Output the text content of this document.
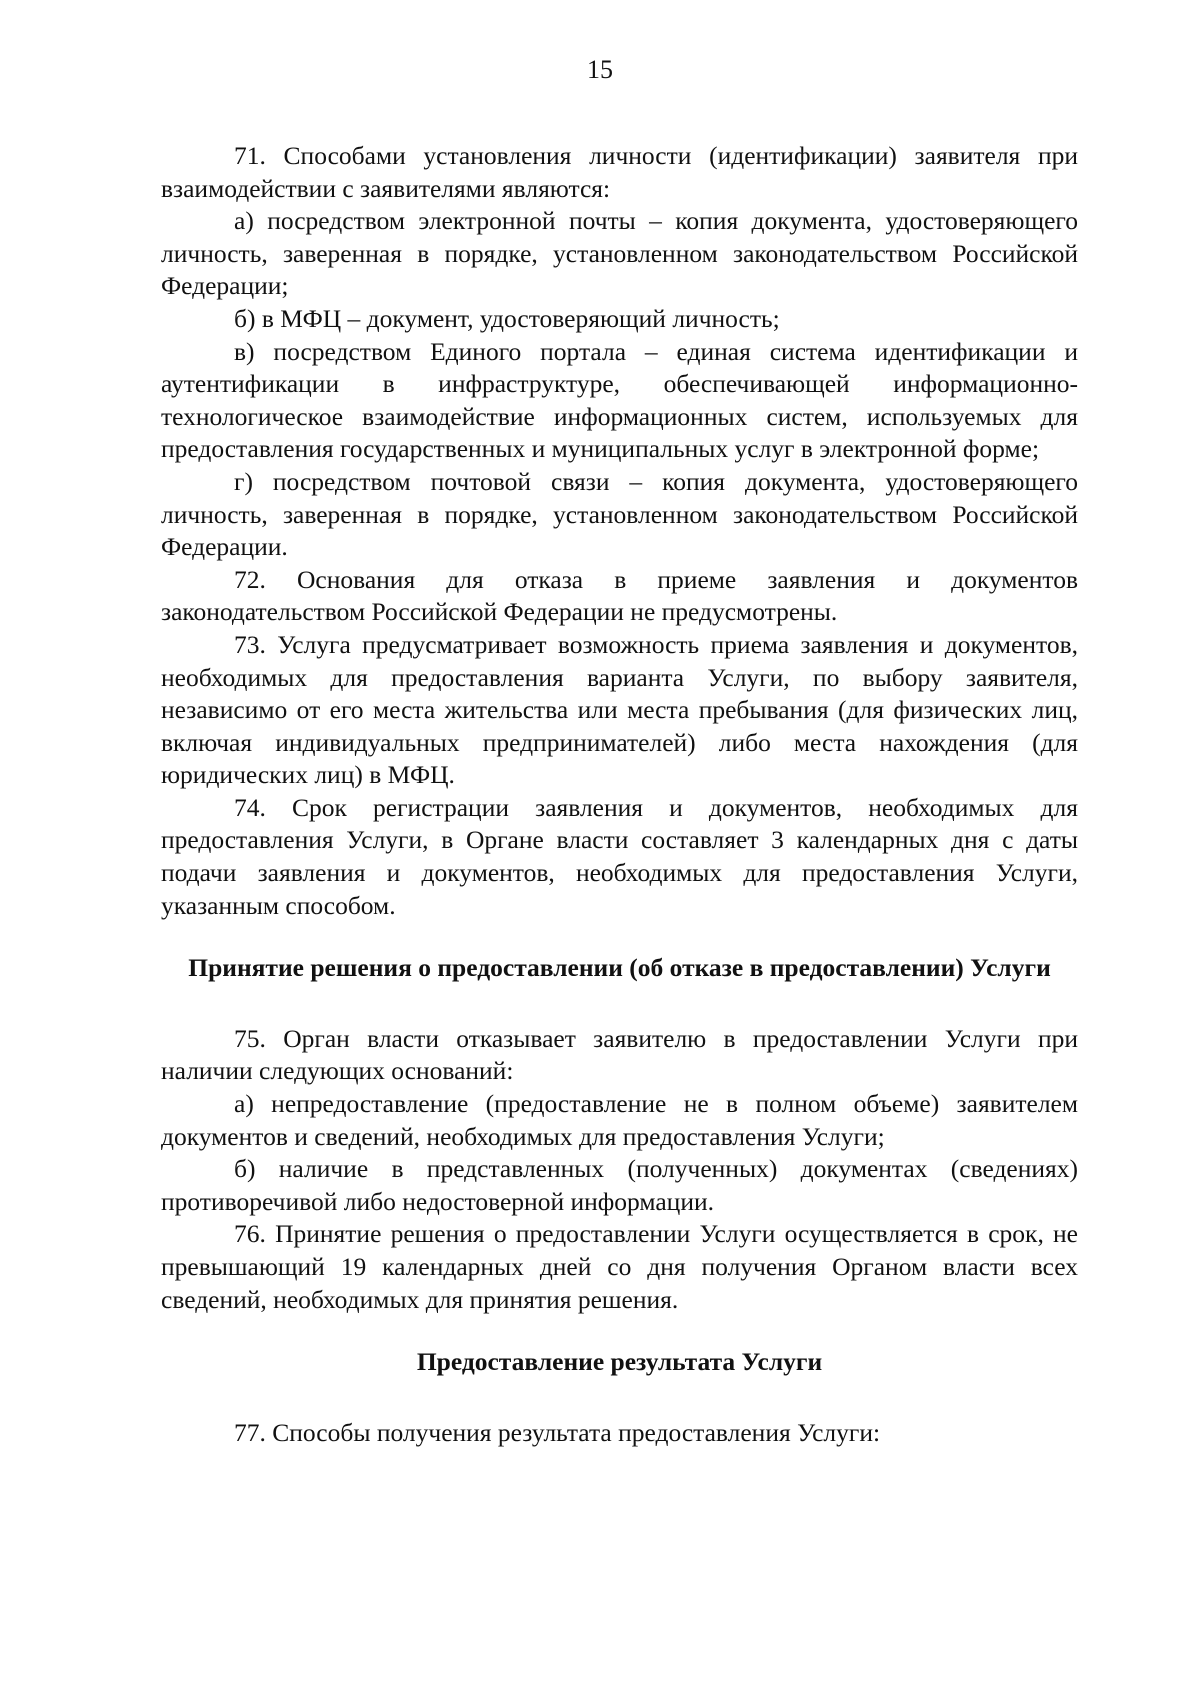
15

71. Способами установления личности (идентификации) заявителя при взаимодействии с заявителями являются:

а) посредством электронной почты – копия документа, удостоверяющего личность, заверенная в порядке, установленном законодательством Российской Федерации;

б) в МФЦ – документ, удостоверяющий личность;

в) посредством Единого портала – единая система идентификации и аутентификации в инфраструктуре, обеспечивающей информационно-технологическое взаимодействие информационных систем, используемых для предоставления государственных и муниципальных услуг в электронной форме;

г) посредством почтовой связи – копия документа, удостоверяющего личность, заверенная в порядке, установленном законодательством Российской Федерации.

72. Основания для отказа в приеме заявления и документов законодательством Российской Федерации не предусмотрены.

73. Услуга предусматривает возможность приема заявления и документов, необходимых для предоставления варианта Услуги, по выбору заявителя, независимо от его места жительства или места пребывания (для физических лиц, включая индивидуальных предпринимателей) либо места нахождения (для юридических лиц) в МФЦ.

74. Срок регистрации заявления и документов, необходимых для предоставления Услуги, в Органе власти составляет 3 календарных дня с даты подачи заявления и документов, необходимых для предоставления Услуги, указанным способом.

Принятие решения о предоставлении (об отказе в предоставлении) Услуги

75. Орган власти отказывает заявителю в предоставлении Услуги при наличии следующих оснований:

а) непредоставление (предоставление не в полном объеме) заявителем документов и сведений, необходимых для предоставления Услуги;

б) наличие в представленных (полученных) документах (сведениях) противоречивой либо недостоверной информации.

76. Принятие решения о предоставлении Услуги осуществляется в срок, не превышающий 19 календарных дней со дня получения Органом власти всех сведений, необходимых для принятия решения.

Предоставление результата Услуги

77. Способы получения результата предоставления Услуги:
